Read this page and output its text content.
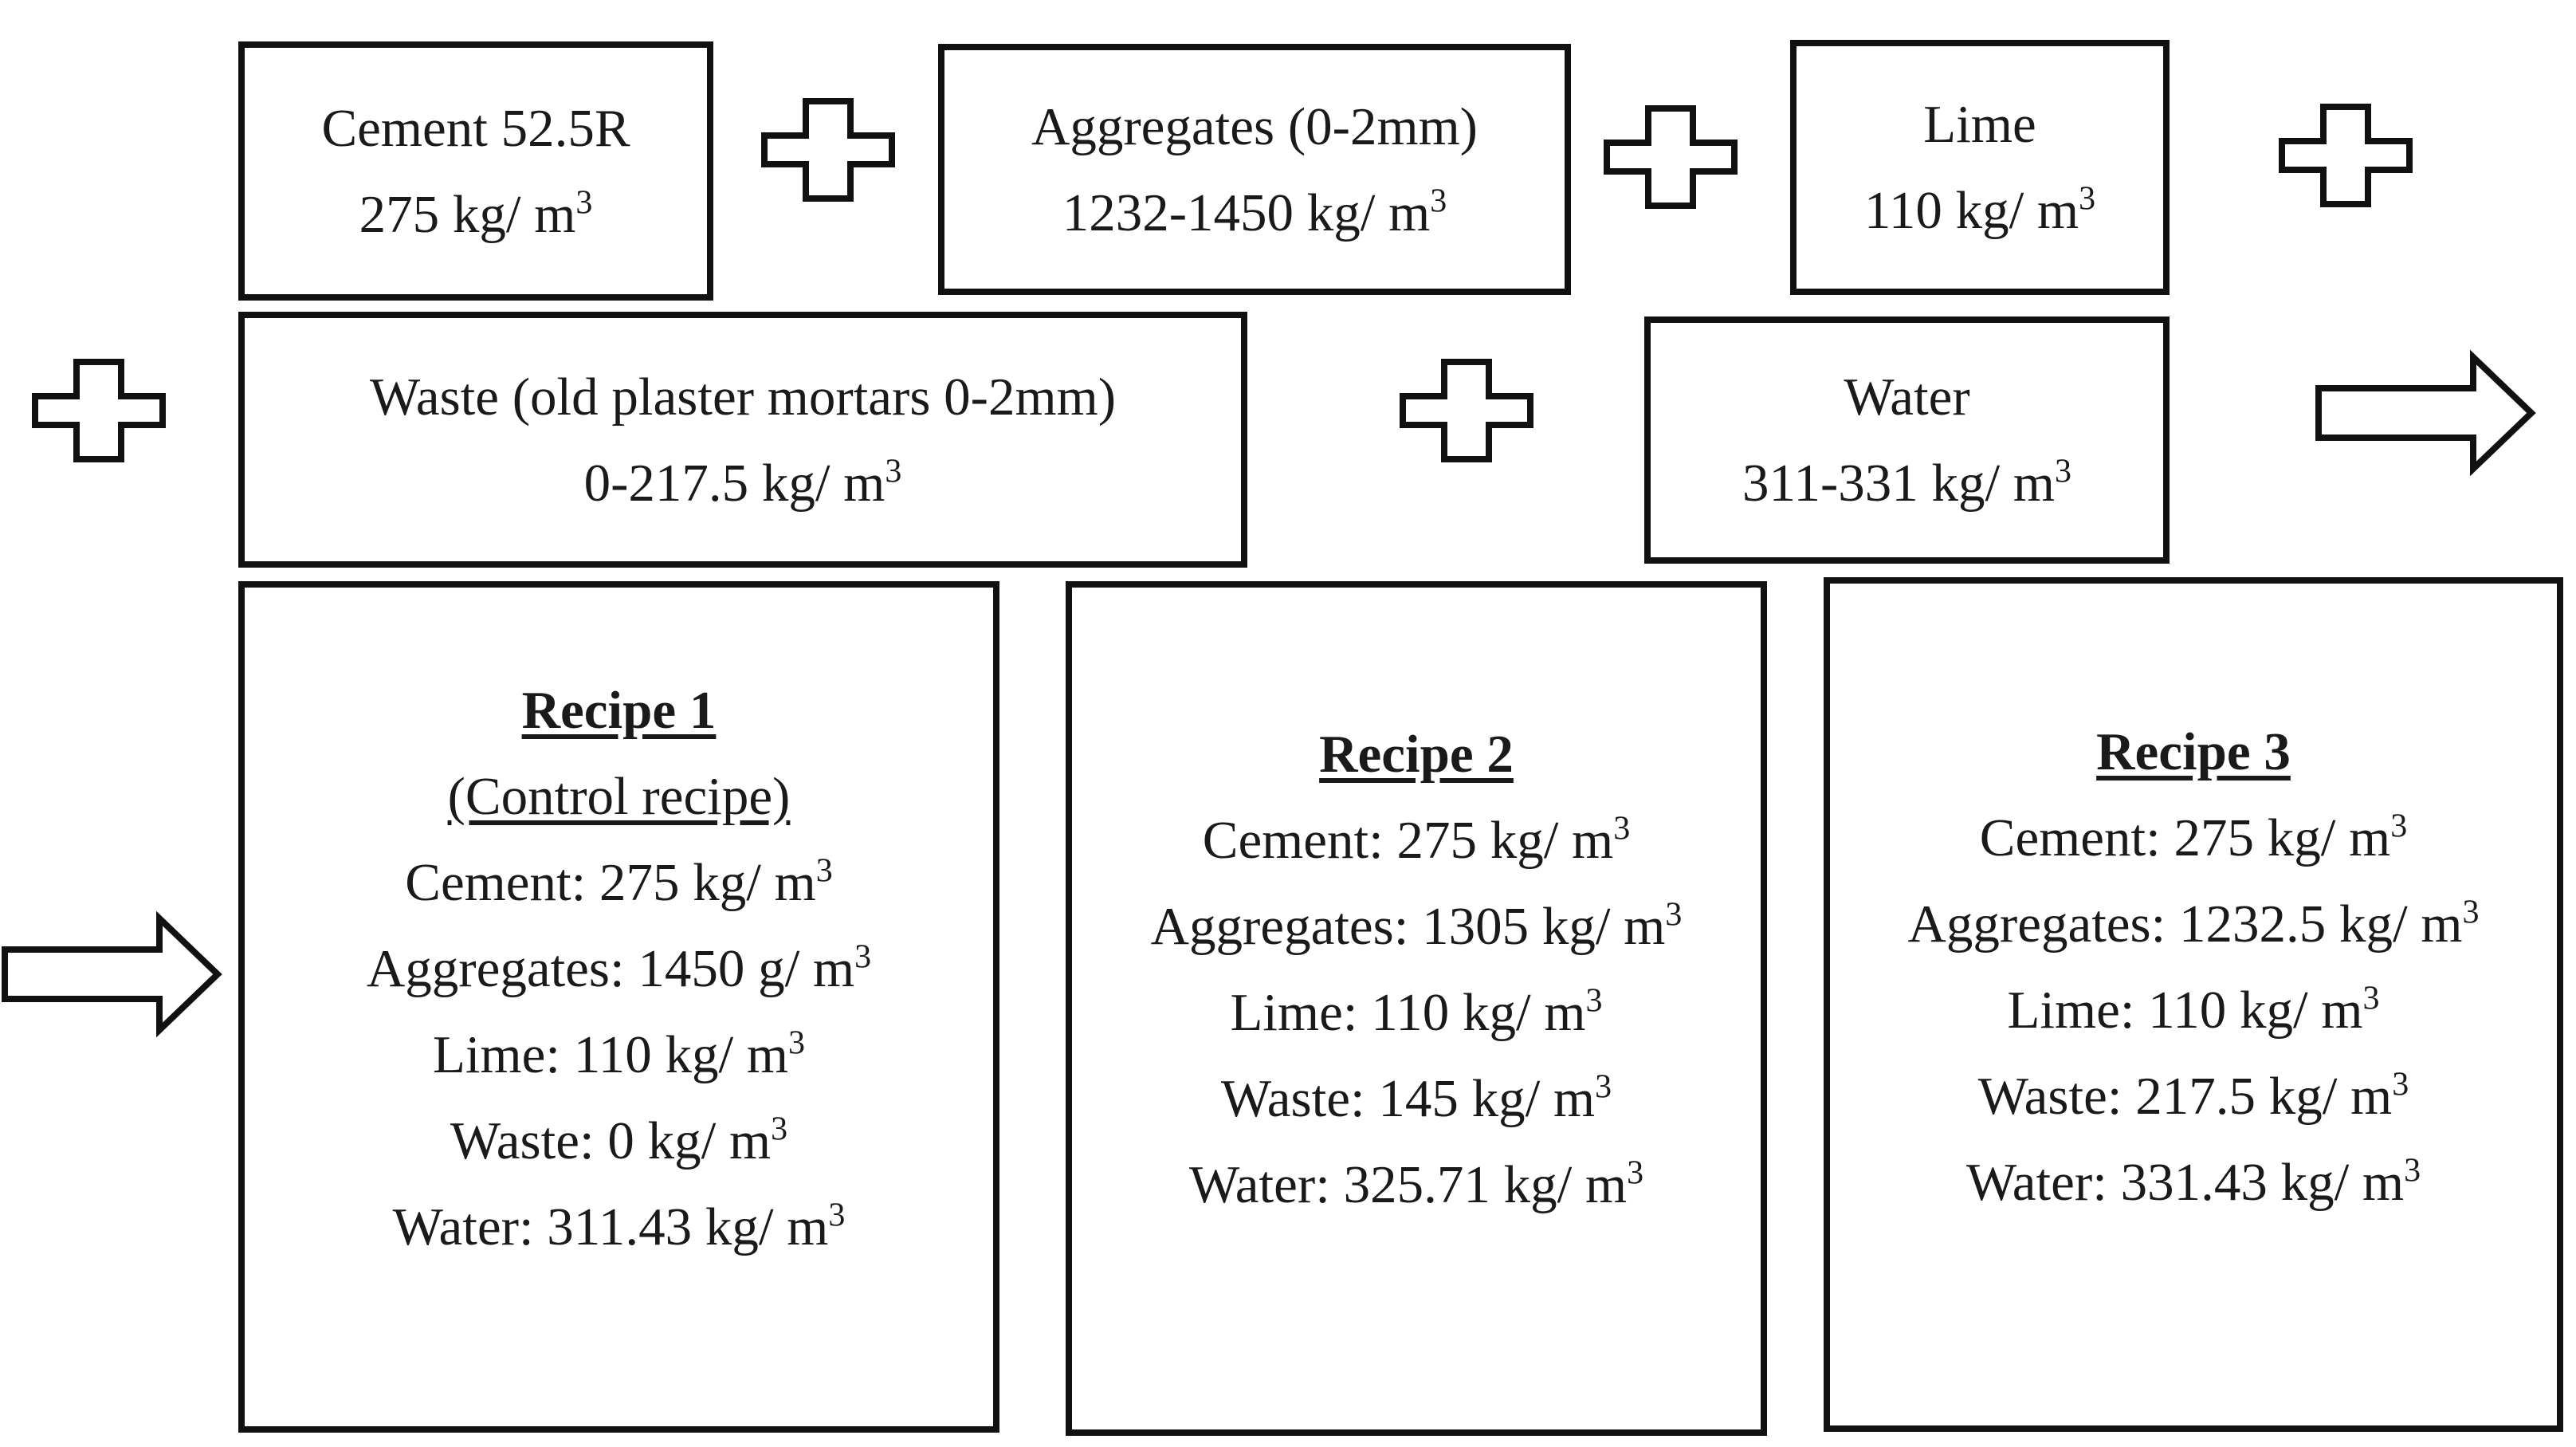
Cement 52.5R
275 kg/ $m^3$
Aggregates (0-2mm)
1232-1450 kg/ $m^3$
Lime
110 kg/ $m^3$
Waste (old plaster mortars 0-2mm)
0-217.5 kg/ $m^3$
Water
311-331 kg/ $m^3$
Recipe 1
(Control recipe)
Cement: 275 kg/ $m^3$
Aggregates: 1450 g/ $m^3$
Lime: 110 kg/ $m^3$
Waste: 0 kg/ $m^3$
Water: 311.43 kg/ $m^3$
Recipe 2
Cement: 275 kg/ $m^3$
Aggregates: 1305 kg/ $m^3$
Lime: 110 kg/ $m^3$
Waste: 145 kg/ $m^3$
Water: 325.71 kg/ $m^3$
Recipe 3
Cement: 275 kg/ $m^3$
Aggregates: 1232.5 kg/ $m^3$
Lime: 110 kg/ $m^3$
Waste: 217.5 kg/ $m^3$
Water: 331.43 kg/ $m^3$
